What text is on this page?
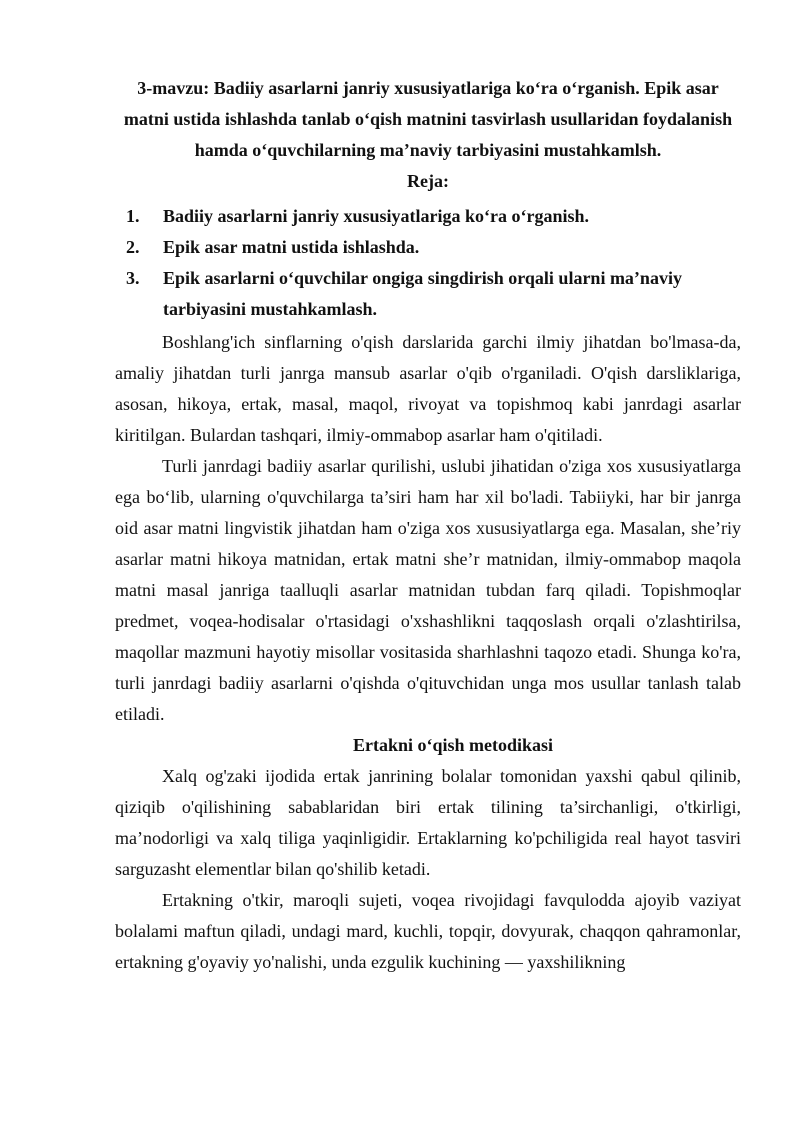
3-mavzu: Badiiy asarlarni janriy xususiyatlariga ko‘ra o‘rganish. Epik asar matni ustida ishlashda tanlab o‘qish matnini tasvirlash usullaridan foydalanish hamda o‘quvchilarning ma’naviy tarbiyasini mustahkamlsh.
Reja:
1. Badiiy asarlarni janriy xususiyatlariga ko‘ra o‘rganish.
2. Epik asar matni ustida ishlashda.
3. Epik asarlarni o‘quvchilar ongiga singdirish orqali ularni ma’naviy tarbiyasini mustahkamlash.

Boshlang'ich sinflarning o'qish darslarida garchi ilmiy jihatdan bo'lmasa-da, amaliy jihatdan turli janrga mansub asarlar o'qib o'rganiladi. O'qish darsliklariga, asosan, hikoya, ertak, masal, maqol, rivoyat va topishmoq kabi janrdagi asarlar kiritilgan. Bulardan tashqari, ilmiy-ommabop asarlar ham o'qitiladi.

Turli janrdagi badiiy asarlar qurilishi, uslubi jihatidan o'ziga xos xususiyatlarga ega bo‘lib, ularning o'quvchilarga ta’siri ham har xil bo'ladi. Tabiiyki, har bir janrga oid asar matni lingvistik jihatdan ham o'ziga xos xususiyatlarga ega. Masalan, she’riy asarlar matni hikoya matnidan, ertak matni she’r matnidan, ilmiy-ommabop maqola matni masal janriga taalluqli asarlar matnidan tubdan farq qiladi. Topishmoqlar predmet, voqea-hodisalar o'rtasidagi o'xshashlikni taqqoslash orqali o'zlashtirilsa, maqollar mazmuni hayotiy misollar vositasida sharhlashni taqozo etadi. Shunga ko'ra, turli janrdagi badiiy asarlarni o'qishda o'qituvchidan unga mos usullar tanlash talab etiladi.

Ertakni o‘qish metodikasi

Xalq og'zaki ijodida ertak janrining bolalar tomonidan yaxshi qabul qilinib, qiziqib o'qilishining sabablaridan biri ertak tilining ta’sirchanligi, o'tkirligi, ma’nodorligi va xalq tiliga yaqinligidir. Ertaklarning ko'pchiligida real hayot tasviri sarguzasht elementlar bilan qo'shilib ketadi.

Ertakning o'tkir, maroqli sujeti, voqea rivojidagi favqulodda ajoyib vaziyat bolalami maftun qiladi, undagi mard, kuchli, topqir, dovyurak, chaqqon qahramonlar, ertakning g'oyaviy yo'nalishi, unda ezgulik kuchining — yaxshilikning
